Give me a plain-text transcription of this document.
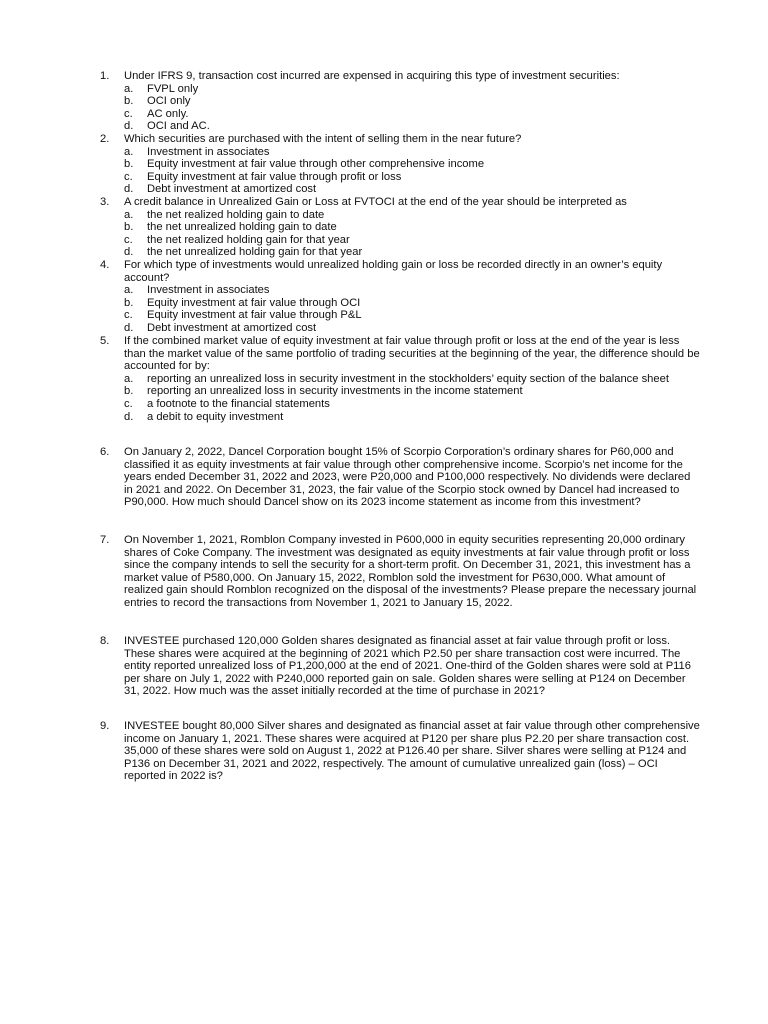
1.	Under IFRS 9, transaction cost incurred are expensed in acquiring this type of investment securities:
a.	FVPL only
b.	OCI only
c.	AC only.
d.	OCI and AC.
2.	Which securities are purchased with the intent of selling them in the near future?
a.	Investment in associates
b.	Equity investment at fair value through other comprehensive income
c.	Equity investment at fair value through profit or loss
d.	Debt investment at amortized cost
3.	A credit balance in Unrealized Gain or Loss at FVTOCI at the end of the year should be interpreted as
a.	the net realized holding gain to date
b.	the net unrealized holding gain to date
c.	the net realized holding gain for that year
d.	the net unrealized holding gain for that year
4.	For which type of investments would unrealized holding gain or loss be recorded directly in an owner’s equity account?
a.	Investment in associates
b.	Equity investment at fair value through OCI
c.	Equity investment at fair value through P&L
d.	Debt investment at amortized cost
5.	If the combined market value of equity investment at fair value through profit or loss at the end of the year is less than the market value of the same portfolio of trading securities at the beginning of the year, the difference should be accounted for by:
a.	reporting an unrealized loss in security investment in the stockholders’ equity section of the balance sheet
b.	reporting an unrealized loss in security investments in the income statement
c.	a footnote to the financial statements
d.	a debit to equity investment
6.	On January 2, 2022, Dancel Corporation bought 15% of Scorpio Corporation’s ordinary shares for P60,000 and classified it as equity investments at fair value through other comprehensive income. Scorpio’s net income for the years ended December 31, 2022 and 2023, were P20,000 and P100,000 respectively. No dividends were declared in 2021 and 2022. On December 31, 2023, the fair value of the Scorpio stock owned by Dancel had increased to P90,000. How much should Dancel show on its 2023 income statement as income from this investment?
7.	On November 1, 2021, Romblon Company invested in P600,000 in equity securities representing 20,000 ordinary shares of Coke Company. The investment was designated as equity investments at fair value through profit or loss since the company intends to sell the security for a short-term profit. On December 31, 2021, this investment has a market value of P580,000. On January 15, 2022, Romblon sold the investment for P630,000. What amount of realized gain should Romblon recognized on the disposal of the investments? Please prepare the necessary journal entries to record the transactions from November 1, 2021 to January 15, 2022.
8.	INVESTEE purchased 120,000 Golden shares designated as financial asset at fair value through profit or loss. These shares were acquired at the beginning of 2021 which P2.50 per share transaction cost were incurred. The entity reported unrealized loss of P1,200,000 at the end of 2021. One-third of the Golden shares were sold at P116 per share on July 1, 2022 with P240,000 reported gain on sale. Golden shares were selling at P124 on December 31, 2022. How much was the asset initially recorded at the time of purchase in 2021?
9.	INVESTEE bought 80,000 Silver shares and designated as financial asset at fair value through other comprehensive income on January 1, 2021. These shares were acquired at P120 per share plus P2.20 per share transaction cost. 35,000 of these shares were sold on August 1, 2022 at P126.40 per share. Silver shares were selling at P124 and P136 on December 31, 2021 and 2022, respectively. The amount of cumulative unrealized gain (loss) – OCI reported in 2022 is?
